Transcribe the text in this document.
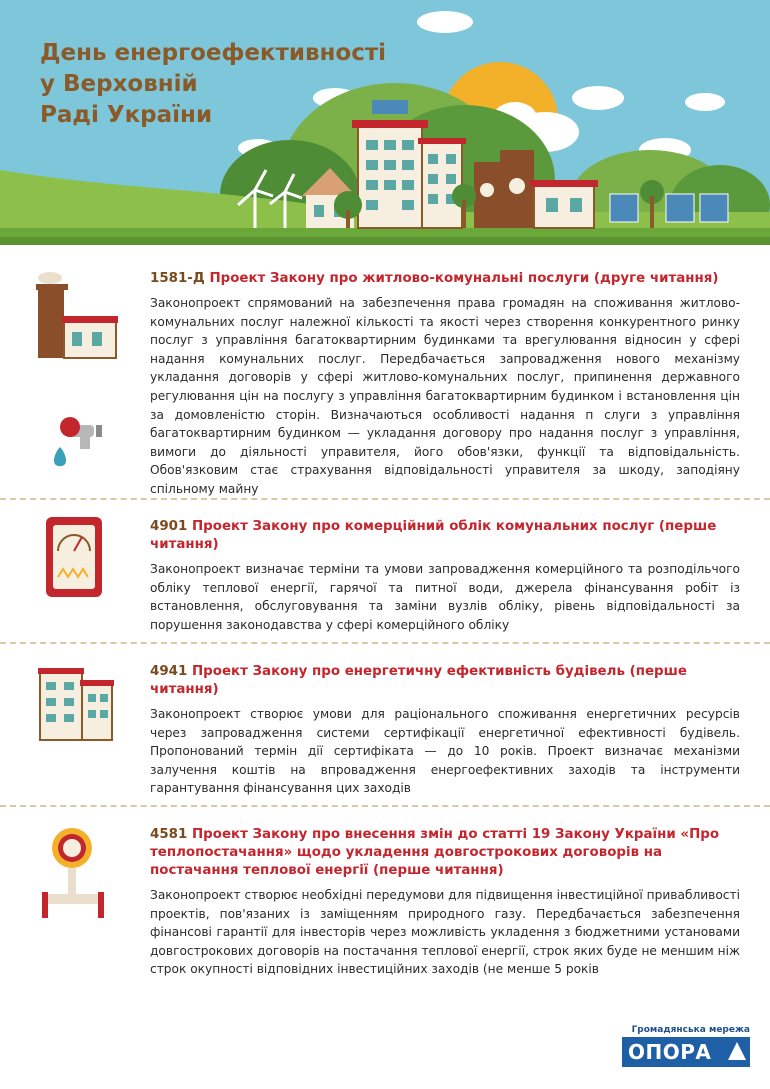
День енергоефективності
у Верховній
Раді України

1581-Д Проект Закону про житлово-комунальні послуги (друге читання)

Законопроект спрямований на забезпечення права громадян на споживання житлово-комунальних послуг належної кількості та якості через створення конкурентного ринку послуг з управління багатоквартирним будинками та врегулювання відносин у сфері надання комунальних послуг. Передбачається запровадження нового механізму укладання договорів у сфері житлово-комунальних послуг, припинення державного регулювання цін на послугу з управління багатоквартирним будинком і встановлення цін за домовленістю сторін. Визначаються особливості надання п слуги з управління багатоквартирним будинком — укладання договору про надання послуг з управління, вимоги до діяльності управителя, його обов'язки, функції та відповідальність. Обов'язковим стає страхування відповідальності управителя за шкоду, заподіяну спільному майну

4901 Проект Закону про комерційний облік комунальних послуг (перше читання)

Законопроект визначає терміни та умови запровадження комерційного та розподільчого обліку теплової енергії, гарячої та питної води, джерела фінансування робіт із встановлення, обслуговування та заміни вузлів обліку, рівень відповідальності за порушення законодавства у сфері комерційного обліку

4941 Проект Закону про енергетичну ефективність будівель (перше читання)

Законопроект створює умови для раціонального споживання енергетичних ресурсів через запровадження системи сертифікації енергетичної ефективності будівель. Пропонований термін дії сертифіката — до 10 років. Проект визначає механізми залучення коштів на впровадження енергоефективних заходів та інструменти гарантування фінансування цих заходів

4581 Проект Закону про внесення змін до статті 19 Закону України «Про теплопостачання» щодо укладення довгострокових договорів на постачання теплової енергії (перше читання)

Законопроект створює необхідні передумови для підвищення інвестиційної привабливості проектів, пов'язаних із заміщенням природного газу. Передбачається забезпечення фінансові гарантії для інвесторів через можливість укладення з бюджетними установами довгострокових договорів на постачання теплової енергії, строк яких буде не меншим ніж строк окупності відповідних інвестиційних заходів (не менше 5 років

Громадянська мережа
ОПОРА
